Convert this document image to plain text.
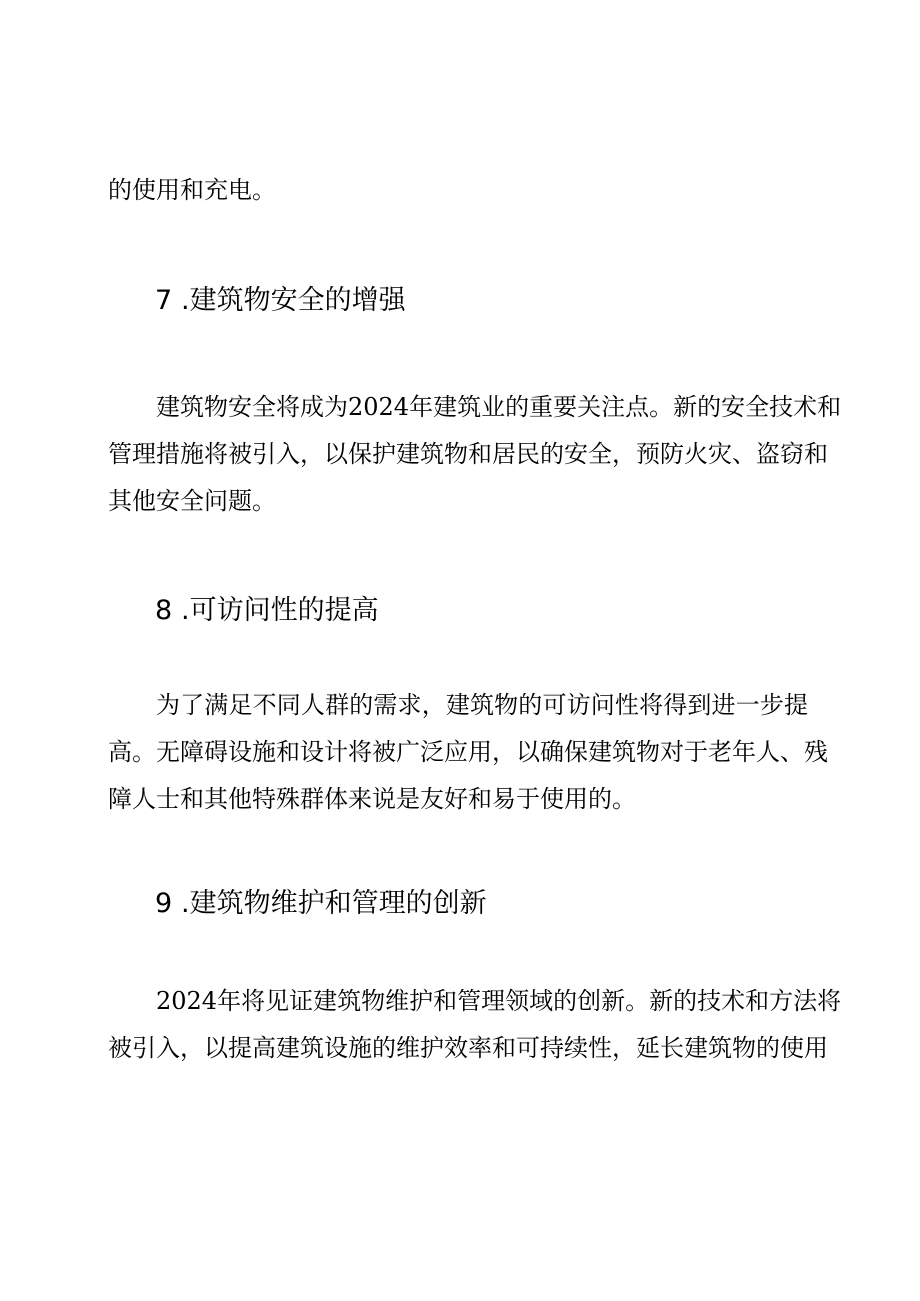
的使用和充电。
7 .建筑物安全的增强
建筑物安全将成为2024年建筑业的重要关注点。新的安全技术和
管理措施将被引入，以保护建筑物和居民的安全，预防火灾、盗窃和
其他安全问题。
8 .可访问性的提高
为了满足不同人群的需求，建筑物的可访问性将得到进一步提
高。无障碍设施和设计将被广泛应用，以确保建筑物对于老年人、残
障人士和其他特殊群体来说是友好和易于使用的。
9 .建筑物维护和管理的创新
2024年将见证建筑物维护和管理领域的创新。新的技术和方法将
被引入，以提高建筑设施的维护效率和可持续性，延长建筑物的使用
